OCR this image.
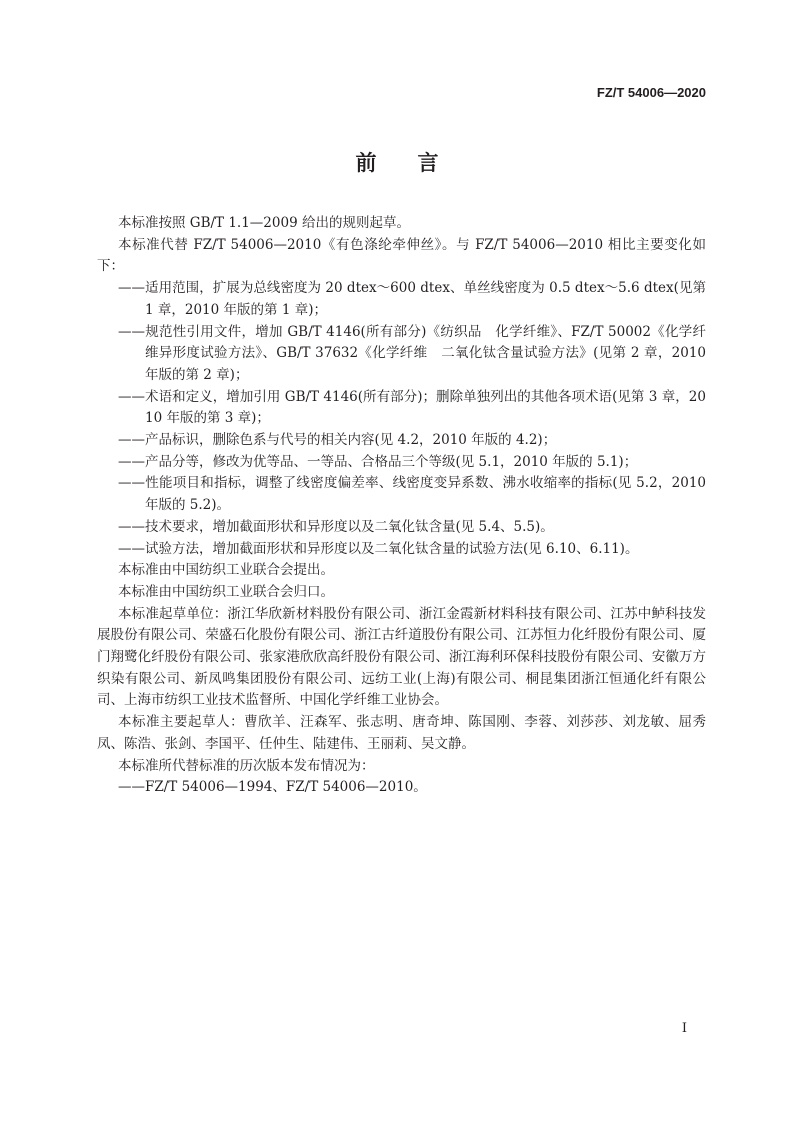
FZ/T 54006—2020
前　言

本标准按照 GB/T 1.1—2009 给出的规则起草。

本标准代替 FZ/T 54006—2010《有色涤纶牵伸丝》。与 FZ/T 54006—2010 相比主要变化如下：

——适用范围，扩展为总线密度为 20 dtex～600 dtex、单丝线密度为 0.5 dtex～5.6 dtex(见第 1 章，2010 年版的第 1 章)；

——规范性引用文件，增加 GB/T 4146(所有部分)《纺织品　化学纤维》、FZ/T 50002《化学纤维异形度试验方法》、GB/T 37632《化学纤维　二氧化钛含量试验方法》(见第 2 章，2010 年版的第 2 章)；

——术语和定义，增加引用 GB/T 4146(所有部分)；删除单独列出的其他各项术语(见第 3 章，2010 年版的第 3 章)；

——产品标识，删除色系与代号的相关内容(见 4.2，2010 年版的 4.2)；

——产品分等，修改为优等品、一等品、合格品三个等级(见 5.1，2010 年版的 5.1)；

——性能项目和指标，调整了线密度偏差率、线密度变异系数、沸水收缩率的指标(见 5.2，2010 年版的 5.2)。

——技术要求，增加截面形状和异形度以及二氧化钛含量(见 5.4、5.5)。

——试验方法，增加截面形状和异形度以及二氧化钛含量的试验方法(见 6.10、6.11)。

本标准由中国纺织工业联合会提出。

本标准由中国纺织工业联合会归口。

本标准起草单位：浙江华欣新材料股份有限公司、浙江金霞新材料科技有限公司、江苏中鲈科技发展股份有限公司、荣盛石化股份有限公司、浙江古纤道股份有限公司、江苏恒力化纤股份有限公司、厦门翔鹭化纤股份有限公司、张家港欣欣高纤股份有限公司、浙江海利环保科技股份有限公司、安徽万方织染有限公司、新凤鸣集团股份有限公司、远纺工业(上海)有限公司、桐昆集团浙江恒通化纤有限公司、上海市纺织工业技术监督所、中国化学纤维工业协会。

本标准主要起草人：曹欣羊、汪森军、张志明、唐奇坤、陈国刚、李蓉、刘莎莎、刘龙敏、屈秀凤、陈浩、张剑、李国平、任仲生、陆建伟、王丽莉、吴文静。

本标准所代替标准的历次版本发布情况为：

——FZ/T 54006—1994、FZ/T 54006—2010。

I
